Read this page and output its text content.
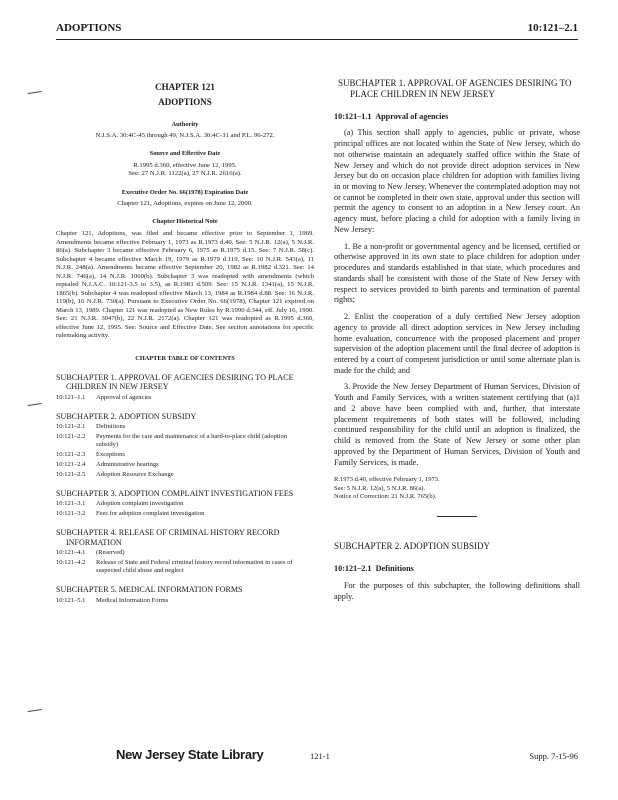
ADOPTIONS	10:121–2.1
CHAPTER 121
ADOPTIONS
Authority
N.J.S.A. 30:4C-45 through 49, N.J.S.A. 30:4C-31 and P.L. 96-272.
Source and Effective Date
R.1995 d.360, effective June 12, 1995.
See: 27 N.J.R. 1122(a), 27 N.J.R. 2616(a).
Executive Order No. 66(1978) Expiration Date
Chapter 121, Adoptions, expires on June 12, 2000.
Chapter Historical Note
Chapter 121, Adoptions, was filed and became effective prior to September 1, 1969. Amendments became effective February 1, 1973 as R.1973 d.40. See: 5 N.J.R. 12(a), 5 N.J.R. 86(a). Subchapter 3 became effective February 6, 1975 as R.1975 d.15. See: 7 N.J.R. 58(c). Subchapter 4 became effective March 19, 1979 as R.1979 d.119. See: 10 N.J.R. 543(a), 11 N.J.R. 248(a). Amendments became effective September 20, 1982 as R.1982 d.321. See: 14 N.J.R. 746(a), 14 N.J.R. 1060(b). Subchapter 3 was readopted with amendments (which repealed N.J.A.C. 10:121-3.5 to 3.5), as R.1983 d.509. See: 15 N.J.R. 1341(a), 15 N.J.R. 1865(b). Subchapter 4 was readopted effective March 13, 1984 as R.1984 d.88. See: 16 N.J.R. 119(b), 16 N.J.R. 730(a). Pursuant to Executive Order No. 66(1978), Chapter 121 expired on March 13, 1989. Chapter 121 was readopted as New Rules by R.1990 d.344, eff. July 16, 1990. See: 21 N.J.R. 3047(b), 22 N.J.R. 2172(a). Chapter 121 was readopted as R.1995 d.360, effective June 12, 1995. See: Source and Effective Date. See section annotations for specific rulemaking activity.
CHAPTER TABLE OF CONTENTS
SUBCHAPTER 1. APPROVAL OF AGENCIES DESIRING TO PLACE CHILDREN IN NEW JERSEY
10:121–1.1	Approval of agencies
SUBCHAPTER 2. ADOPTION SUBSIDY
10:121–2.1	Definitions
10:121–2.2	Payments for the care and maintenance of a hard-to-place child (adoption subsidy)
10:121–2.3	Exceptions
10:121–2.4	Administrative hearings
10:121–2.5	Adoption Resource Exchange
SUBCHAPTER 3. ADOPTION COMPLAINT INVESTIGATION FEES
10:121–3.1	Adoption complaint investigation
10:121–3.2	Fees for adoption complaint investigation
SUBCHAPTER 4. RELEASE OF CRIMINAL HISTORY RECORD INFORMATION
10:121–4.1	(Reserved)
10:121–4.2	Release of State and Federal criminal history record information in cases of suspected child abuse and neglect
SUBCHAPTER 5. MEDICAL INFORMATION FORMS
10:121–5.1	Medical Information Forms
SUBCHAPTER 1. APPROVAL OF AGENCIES DESIRING TO PLACE CHILDREN IN NEW JERSEY
10:121–1.1 Approval of agencies

(a) This section shall apply to agencies, public or private, whose principal offices are not located within the State of New Jersey, which do not otherwise maintain an adequately staffed office within the State of New Jersey and which do not provide direct adoption services in New Jersey but do on occasion place children for adoption with families living in or moving to New Jersey. Whenever the contemplated adoption may not or cannot be completed in their own state, approval under this section will permit the agency to consent to an adoption in a New Jersey court. An agency must, before placing a child for adoption with a family living in New Jersey:

1. Be a non-profit or governmental agency and be licensed, certified or otherwise approved in its own state to place children for adoption under procedures and standards established in that state, which procedures and standards shall be consistent with those of the State of New Jersey with respect to services provided to birth parents and termination of parental rights;

2. Enlist the cooperation of a duly certified New Jersey adoption agency to provide all direct adoption services in New Jersey including home evaluation, concurrence with the proposed placement and proper supervision of the adoption placement until the final decree of adoption is entered by a court of competent jurisdiction or until some alternate plan is made for the child; and

3. Provide the New Jersey Department of Human Services, Division of Youth and Family Services, with a written statement certifying that (a)1 and 2 above have been complied with and, further, that interstate placement requirements of both states will be followed, including continued responsibility for the child until an adoption is finalized, the child is removed from the State of New Jersey or some other plan approved by the Department of Human Services, Division of Youth and Family Services, is made.

R.1973 d.40, effective February 1, 1973.
See: 5 N.J.R. 12(a), 5 N.J.R. 86(a).
Notice of Correction: 21 N.J.R. 765(b).
SUBCHAPTER 2. ADOPTION SUBSIDY
10:121–2.1 Definitions

For the purposes of this subchapter, the following definitions shall apply.

New Jersey State Library	121-1	Supp. 7-15-96
